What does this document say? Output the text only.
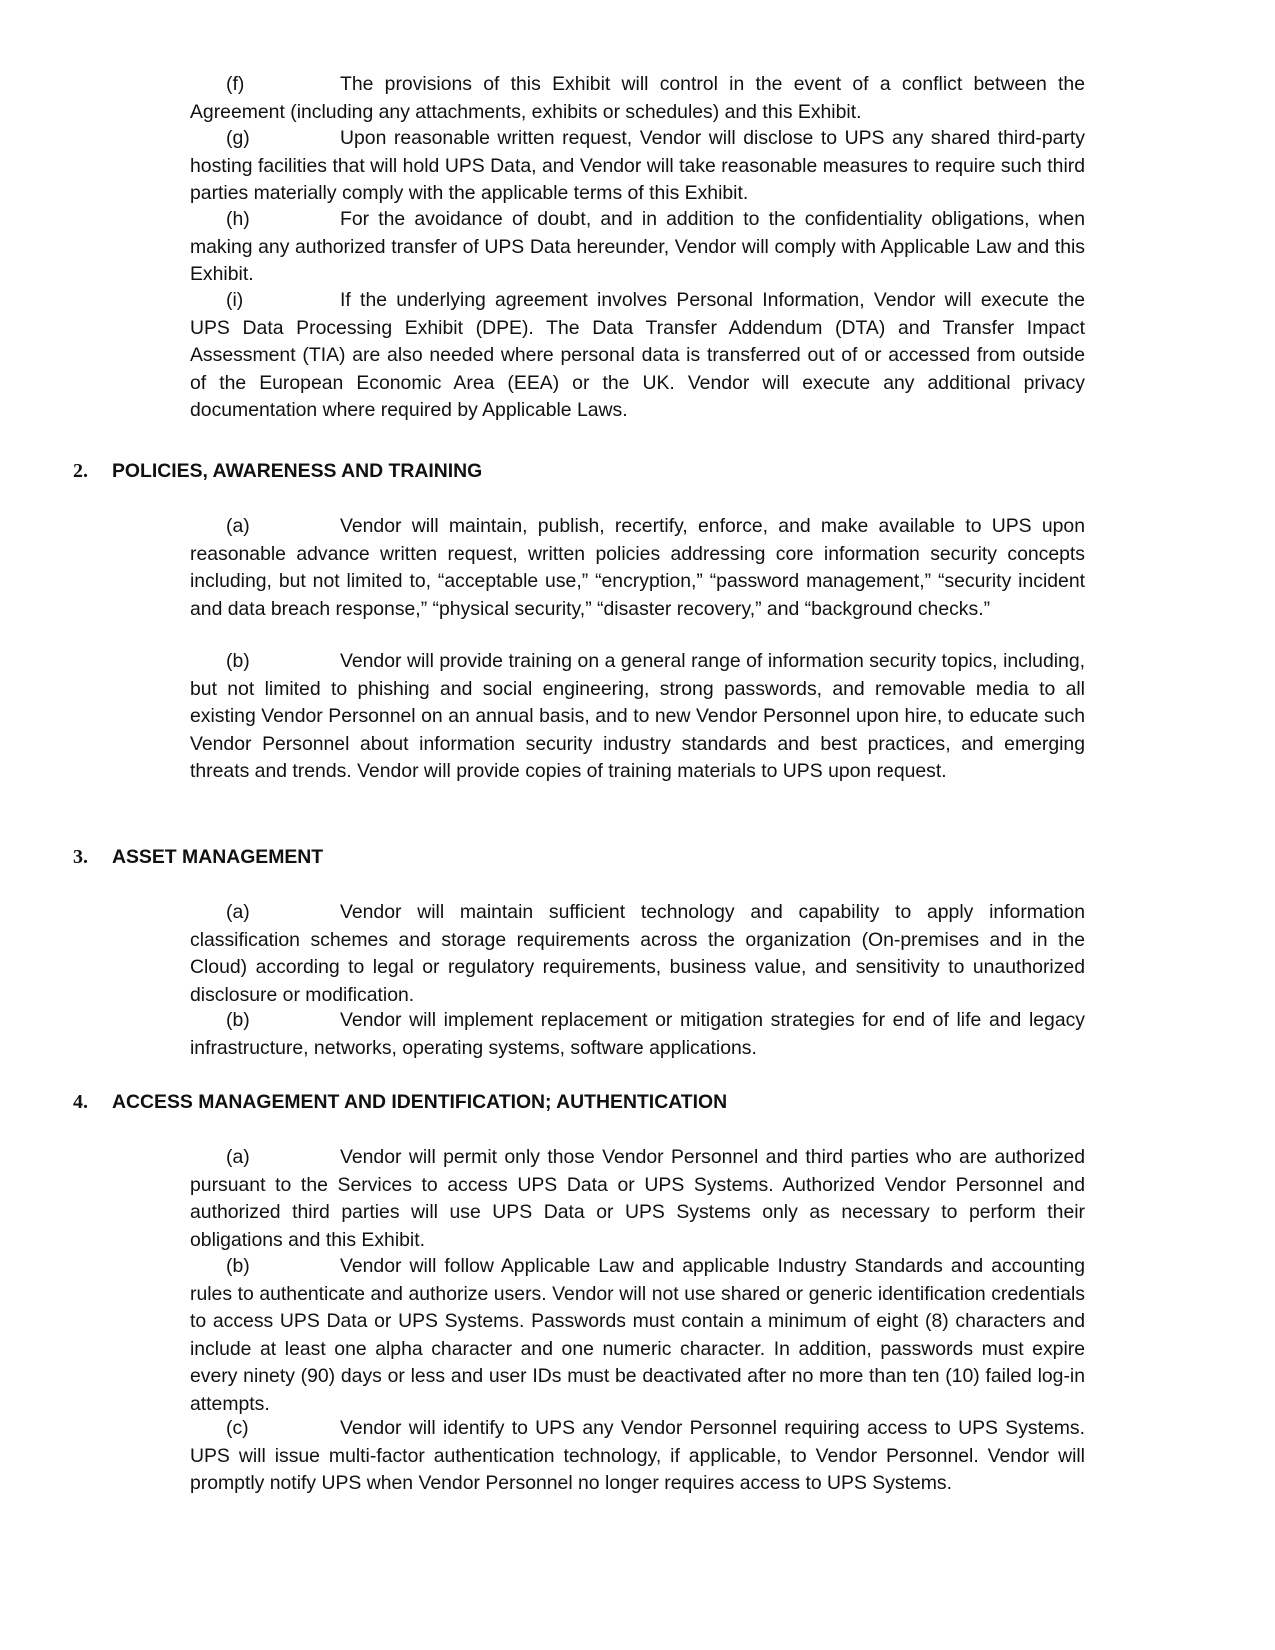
(f)	The provisions of this Exhibit will control in the event of a conflict between the Agreement (including any attachments, exhibits or schedules) and this Exhibit.

(g)	Upon reasonable written request, Vendor will disclose to UPS any shared third-party hosting facilities that will hold UPS Data, and Vendor will take reasonable measures to require such third parties materially comply with the applicable terms of this Exhibit.

(h)	For the avoidance of doubt, and in addition to the confidentiality obligations, when making any authorized transfer of UPS Data hereunder, Vendor will comply with Applicable Law and this Exhibit.

(i)	If the underlying agreement involves Personal Information, Vendor will execute the UPS Data Processing Exhibit (DPE). The Data Transfer Addendum (DTA) and Transfer Impact Assessment (TIA) are also needed where personal data is transferred out of or accessed from outside of the European Economic Area (EEA) or the UK. Vendor will execute any additional privacy documentation where required by Applicable Laws.

2. POLICIES, AWARENESS AND TRAINING

(a)	Vendor will maintain, publish, recertify, enforce, and make available to UPS upon reasonable advance written request, written policies addressing core information security concepts including, but not limited to, “acceptable use,” “encryption,” “password management,” “security incident and data breach response,” “physical security,” “disaster recovery,” and “background checks.”

(b)	Vendor will provide training on a general range of information security topics, including, but not limited to phishing and social engineering, strong passwords, and removable media to all existing Vendor Personnel on an annual basis, and to new Vendor Personnel upon hire, to educate such Vendor Personnel about information security industry standards and best practices, and emerging threats and trends. Vendor will provide copies of training materials to UPS upon request.

3. ASSET MANAGEMENT

(a)	Vendor will maintain sufficient technology and capability to apply information classification schemes and storage requirements across the organization (On-premises and in the Cloud) according to legal or regulatory requirements, business value, and sensitivity to unauthorized disclosure or modification.

(b)	Vendor will implement replacement or mitigation strategies for end of life and legacy infrastructure, networks, operating systems, software applications.

4. ACCESS MANAGEMENT AND IDENTIFICATION; AUTHENTICATION

(a)	Vendor will permit only those Vendor Personnel and third parties who are authorized pursuant to the Services to access UPS Data or UPS Systems. Authorized Vendor Personnel and authorized third parties will use UPS Data or UPS Systems only as necessary to perform their obligations and this Exhibit.

(b)	Vendor will follow Applicable Law and applicable Industry Standards and accounting rules to authenticate and authorize users. Vendor will not use shared or generic identification credentials to access UPS Data or UPS Systems. Passwords must contain a minimum of eight (8) characters and include at least one alpha character and one numeric character. In addition, passwords must expire every ninety (90) days or less and user IDs must be deactivated after no more than ten (10) failed log-in attempts.

(c)	Vendor will identify to UPS any Vendor Personnel requiring access to UPS Systems. UPS will issue multi-factor authentication technology, if applicable, to Vendor Personnel. Vendor will promptly notify UPS when Vendor Personnel no longer requires access to UPS Systems.
